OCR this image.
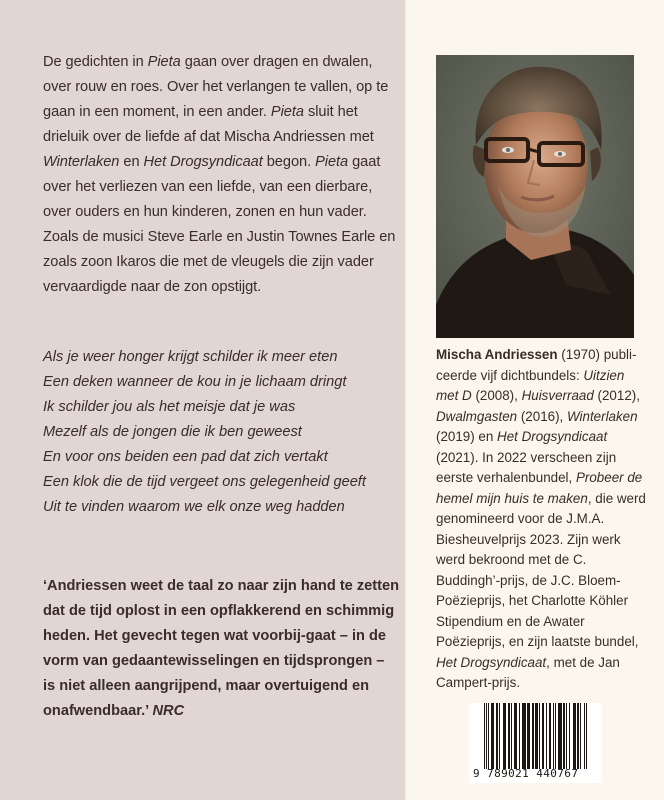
De gedichten in Pieta gaan over dragen en dwalen, over rouw en roes. Over het verlangen te vallen, op te gaan in een moment, in een ander. Pieta sluit het drieluik over de liefde af dat Mischa Andriessen met Winterlaken en Het Drogsyndicaat begon. Pieta gaat over het verliezen van een liefde, van een dierbare, over ouders en hun kinderen, zonen en hun vader. Zoals de musici Steve Earle en Justin Townes Earle en zoals zoon Ikaros die met de vleugels die zijn vader vervaardigde naar de zon opstijgt.

Als je weer honger krijgt schilder ik meer eten
Een deken wanneer de kou in je lichaam dringt
Ik schilder jou als het meisje dat je was
Mezelf als de jongen die ik ben geweest
En voor ons beiden een pad dat zich vertakt
Een klok die de tijd vergeet ons gelegenheid geeft
Uit te vinden waarom we elk onze weg hadden

‘Andriessen weet de taal zo naar zijn hand te zetten dat de tijd oplost in een opflakkerend en schimmig heden. Het gevecht tegen wat voorbij-gaat – in de vorm van gedaantewisselingen en tijdsprongen – is niet alleen aangrijpend, maar overtuigend en onafwendbaar.’ NRC

Mischa Andriessen (1970) publi-ceerde vijf dichtbundels: Uitzien met D (2008), Huisverraad (2012), Dwalmgasten (2016), Winterlaken (2019) en Het Drogsyndicaat (2021). In 2022 verscheen zijn eerste verhalenbundel, Probeer de hemel mijn huis te maken, die werd genomineerd voor de J.M.A. Biesheuvelprijs 2023. Zijn werk werd bekroond met de C. Buddingh’-prijs, de J.C. Bloem-Poëzieprijs, het Charlotte Köhler Stipendium en de Awater Poëzieprijs, en zijn laatste bundel, Het Drogsyndicaat, met de Jan Campert-prijs.

9 789021 440767
